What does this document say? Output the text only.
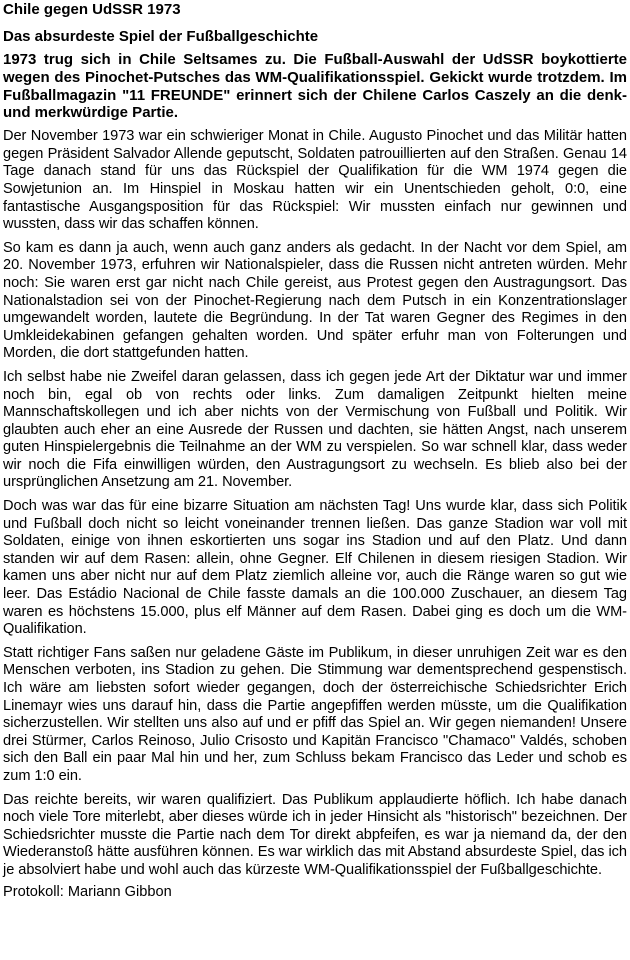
Chile gegen UdSSR 1973
Das absurdeste Spiel der Fußballgeschichte
1973 trug sich in Chile Seltsames zu. Die Fußball-Auswahl der UdSSR boykottierte wegen des Pinochet-Putsches das WM-Qualifikationsspiel. Gekickt wurde trotzdem. Im Fußballmagazin "11 FREUNDE" erinnert sich der Chilene Carlos Caszely an die denk- und merkwürdige Partie.
Der November 1973 war ein schwieriger Monat in Chile. Augusto Pinochet und das Militär hatten gegen Präsident Salvador Allende geputscht, Soldaten patrouillierten auf den Straßen. Genau 14 Tage danach stand für uns das Rückspiel der Qualifikation für die WM 1974 gegen die Sowjetunion an. Im Hinspiel in Moskau hatten wir ein Unentschieden geholt, 0:0, eine fantastische Ausgangsposition für das Rückspiel: Wir mussten einfach nur gewinnen und wussten, dass wir das schaffen können.
So kam es dann ja auch, wenn auch ganz anders als gedacht. In der Nacht vor dem Spiel, am 20. November 1973, erfuhren wir Nationalspieler, dass die Russen nicht antreten würden. Mehr noch: Sie waren erst gar nicht nach Chile gereist, aus Protest gegen den Austragungsort. Das Nationalstadion sei von der Pinochet-Regierung nach dem Putsch in ein Konzentrationslager umgewandelt worden, lautete die Begründung. In der Tat waren Gegner des Regimes in den Umkleidekabinen gefangen gehalten worden. Und später erfuhr man von Folterungen und Morden, die dort stattgefunden hatten.
Ich selbst habe nie Zweifel daran gelassen, dass ich gegen jede Art der Diktatur war und immer noch bin, egal ob von rechts oder links. Zum damaligen Zeitpunkt hielten meine Mannschaftskollegen und ich aber nichts von der Vermischung von Fußball und Politik. Wir glaubten auch eher an eine Ausrede der Russen und dachten, sie hätten Angst, nach unserem guten Hinspielergebnis die Teilnahme an der WM zu verspielen. So war schnell klar, dass weder wir noch die Fifa einwilligen würden, den Austragungsort zu wechseln. Es blieb also bei der ursprünglichen Ansetzung am 21. November.
Doch was war das für eine bizarre Situation am nächsten Tag! Uns wurde klar, dass sich Politik und Fußball doch nicht so leicht voneinander trennen ließen. Das ganze Stadion war voll mit Soldaten, einige von ihnen eskortierten uns sogar ins Stadion und auf den Platz. Und dann standen wir auf dem Rasen: allein, ohne Gegner. Elf Chilenen in diesem riesigen Stadion. Wir kamen uns aber nicht nur auf dem Platz ziemlich alleine vor, auch die Ränge waren so gut wie leer. Das Estádio Nacional de Chile fasste damals an die 100.000 Zuschauer, an diesem Tag waren es höchstens 15.000, plus elf Männer auf dem Rasen. Dabei ging es doch um die WM-Qualifikation.
Statt richtiger Fans saßen nur geladene Gäste im Publikum, in dieser unruhigen Zeit war es den Menschen verboten, ins Stadion zu gehen. Die Stimmung war dementsprechend gespenstisch. Ich wäre am liebsten sofort wieder gegangen, doch der österreichische Schiedsrichter Erich Linemayr wies uns darauf hin, dass die Partie angepfiffen werden müsste, um die Qualifikation sicherzustellen. Wir stellten uns also auf und er pfiff das Spiel an. Wir gegen niemanden! Unsere drei Stürmer, Carlos Reinoso, Julio Crisosto und Kapitän Francisco "Chamaco" Valdés, schoben sich den Ball ein paar Mal hin und her, zum Schluss bekam Francisco das Leder und schob es zum 1:0 ein.
Das reichte bereits, wir waren qualifiziert. Das Publikum applaudierte höflich. Ich habe danach noch viele Tore miterlebt, aber dieses würde ich in jeder Hinsicht als "historisch" bezeichnen. Der Schiedsrichter musste die Partie nach dem Tor direkt abpfeifen, es war ja niemand da, der den Wiederanstoß hätte ausführen können. Es war wirklich das mit Abstand absurdeste Spiel, das ich je absolviert habe und wohl auch das kürzeste WM-Qualifikationsspiel der Fußballgeschichte.
Protokoll: Mariann Gibbon
